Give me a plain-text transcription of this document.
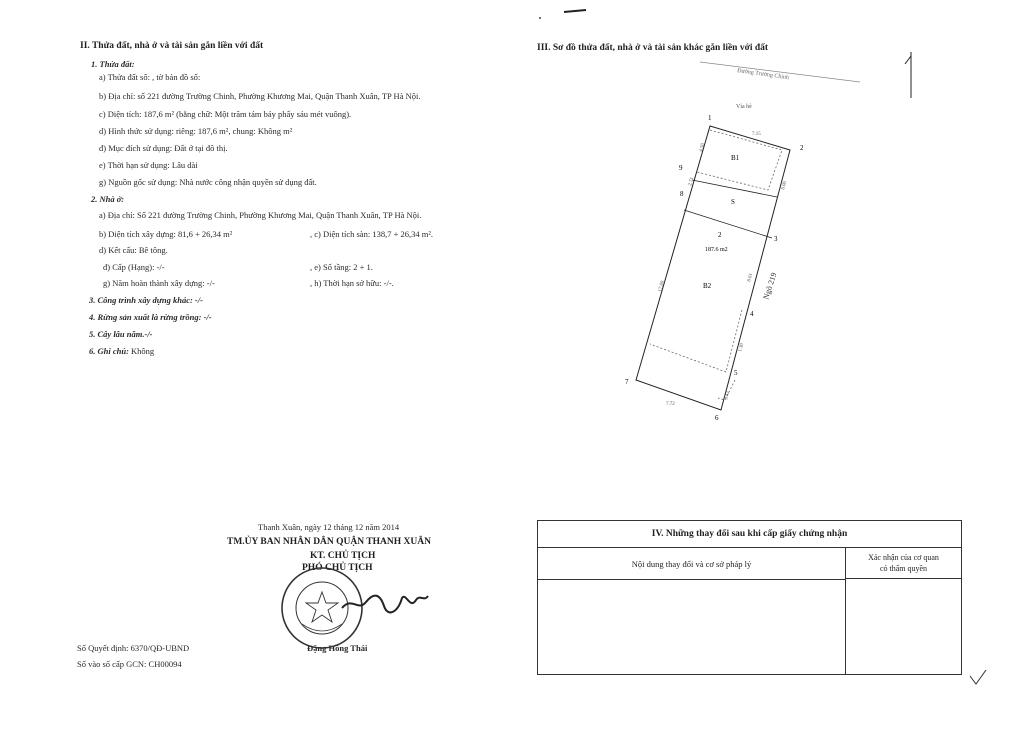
II. Thửa đất, nhà ở và tài sản gắn liền với đất
1. Thửa đất:
a) Thửa đất số: , tờ bản đồ số:
b) Địa chỉ: số 221 đường Trường Chinh, Phường Khương Mai, Quận Thanh Xuân, TP Hà Nội.
c) Diện tích: 187,6 m² (bằng chữ: Một trăm tám bảy phẩy sáu mét vuông).
d) Hình thức sử dụng: riêng: 187,6 m², chung: Không m²
đ) Mục đích sử dụng: Đất ở tại đô thị.
e) Thời hạn sử dụng: Lâu dài
g) Nguồn gốc sử dụng: Nhà nước công nhận quyền sử dụng đất.
2. Nhà ở:
a) Địa chỉ: Số 221 đường Trường Chinh, Phường Khương Mai, Quận Thanh Xuân, TP Hà Nội.
b) Diện tích xây dựng: 81,6 + 26,34 m²	, c) Diện tích sàn: 138,7 + 26,34 m².
d) Kết cấu: Bê tông.
đ) Cấp (Hạng): -/-	, e) Số tầng: 2 + 1.
g) Năm hoàn thành xây dựng: -/-	, h) Thời hạn sở hữu: -/-.
3. Công trình xây dựng khác: -/-
4. Rừng sản xuất là rừng trồng: -/-
5. Cây lâu năm.-/-
6. Ghi chú: Không
III. Sơ đồ thửa đất, nhà ở và tài sản khác gắn liền với đất
Đường Trường Chinh
Vỉa hè
Ngõ 219
B1
S
B2
2
187.6 m2
1
2
3
4
5
6
7
8
9
7.15
4.50
2.71	8.06
17.89
8.61
1.30
7.72
3.42
Thanh Xuân, ngày 12 tháng 12 năm 2014
TM.ỦY BAN NHÂN DÂN QUẬN THANH XUÂN
KT. CHỦ TỊCH
PHÓ CHỦ TỊCH
Đặng Hồng Thái
Số Quyết định: 6370/QĐ-UBND
Số vào sổ cấp GCN: CH00094
IV. Những thay đổi sau khi cấp giấy chứng nhận
Nội dung thay đổi và cơ sở pháp lý
Xác nhận của cơ quan
có thẩm quyền
